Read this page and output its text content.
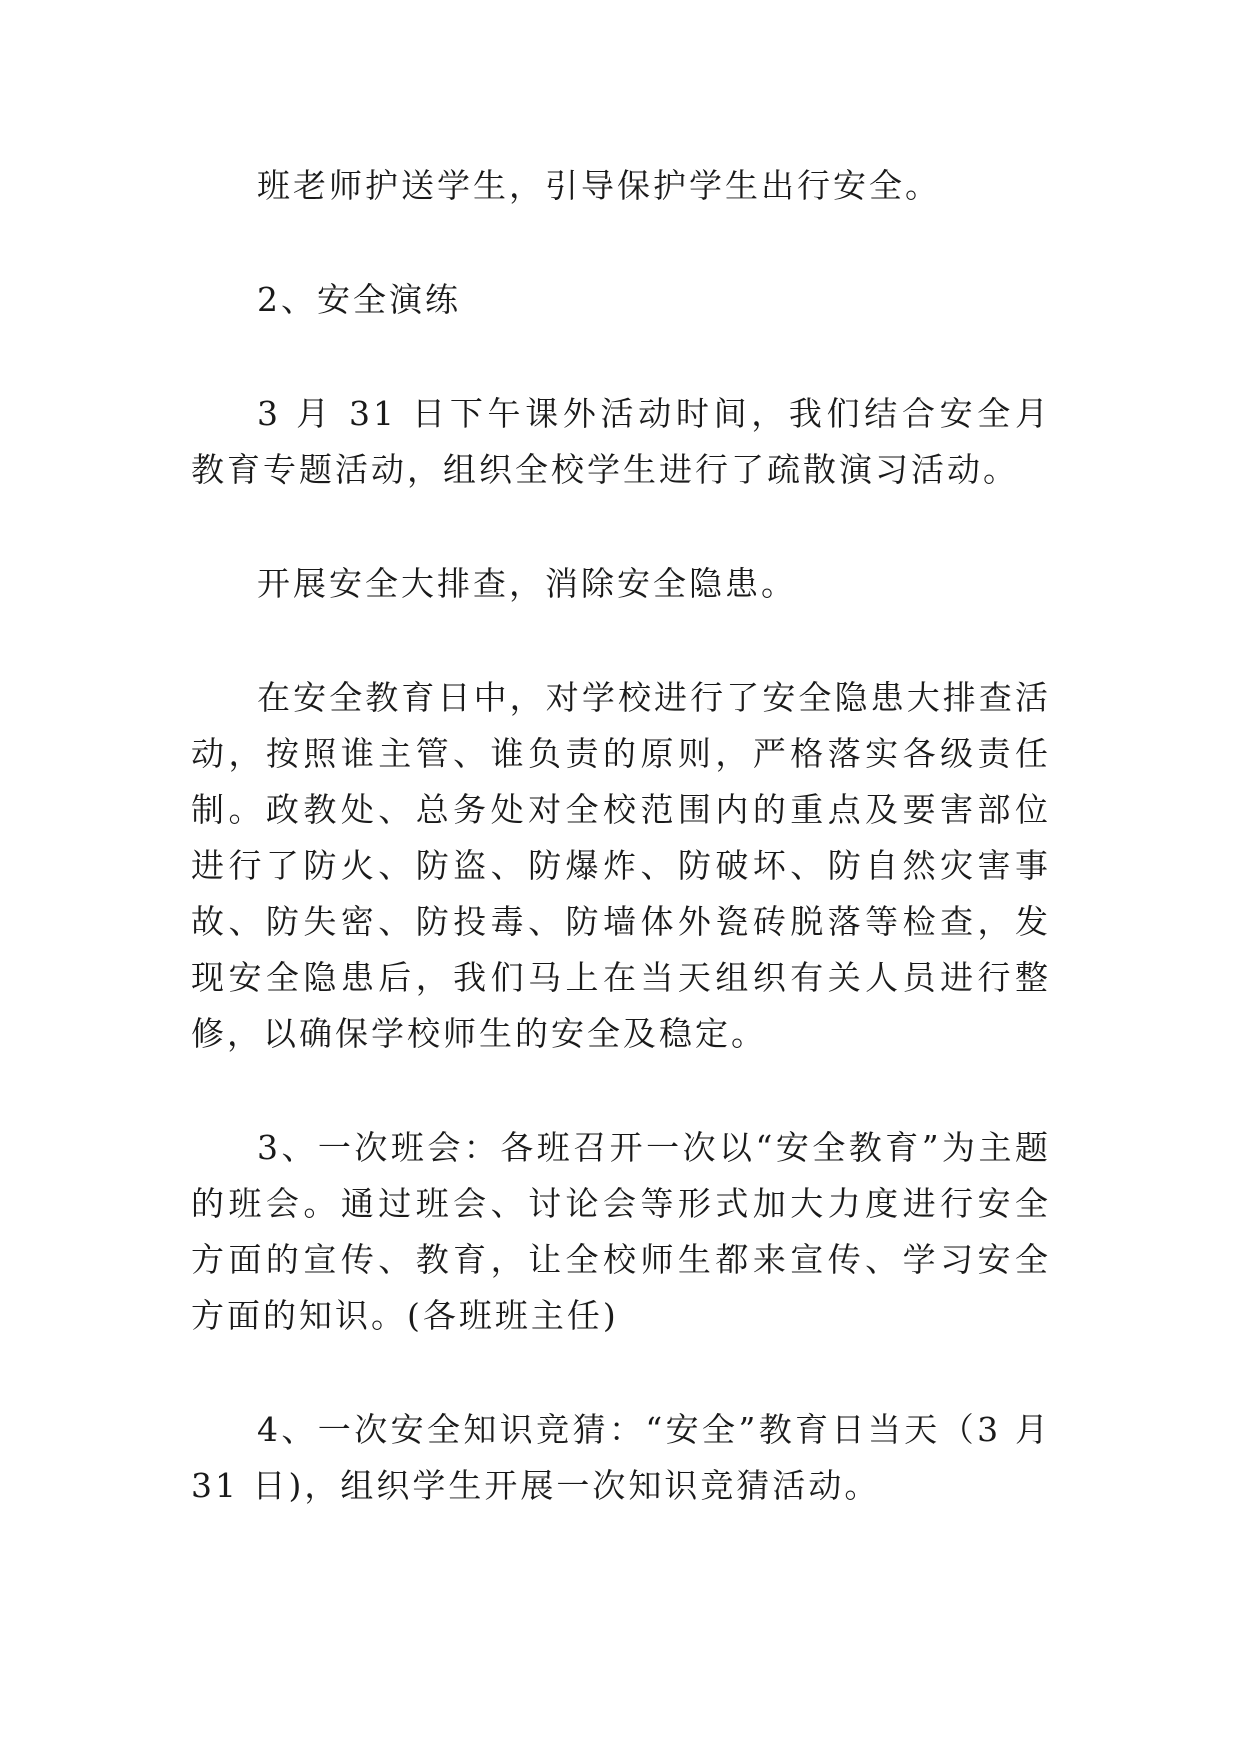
班老师护送学生，引导保护学生出行安全。

2、安全演练

3 月 31 日下午课外活动时间，我们结合安全月教育专题活动，组织全校学生进行了疏散演习活动。

开展安全大排查，消除安全隐患。

在安全教育日中，对学校进行了安全隐患大排查活动，按照谁主管、谁负责的原则，严格落实各级责任制。政教处、总务处对全校范围内的重点及要害部位进行了防火、防盗、防爆炸、防破坏、防自然灾害事故、防失密、防投毒、防墙体外瓷砖脱落等检查，发现安全隐患后，我们马上在当天组织有关人员进行整修，以确保学校师生的安全及稳定。

3、一次班会：各班召开一次以“安全教育”为主题的班会。通过班会、讨论会等形式加大力度进行安全方面的宣传、教育，让全校师生都来宣传、学习安全方面的知识。(各班班主任)

4、一次安全知识竞猜：“安全”教育日当天（3 月 31 日)，组织学生开展一次知识竞猜活动。
